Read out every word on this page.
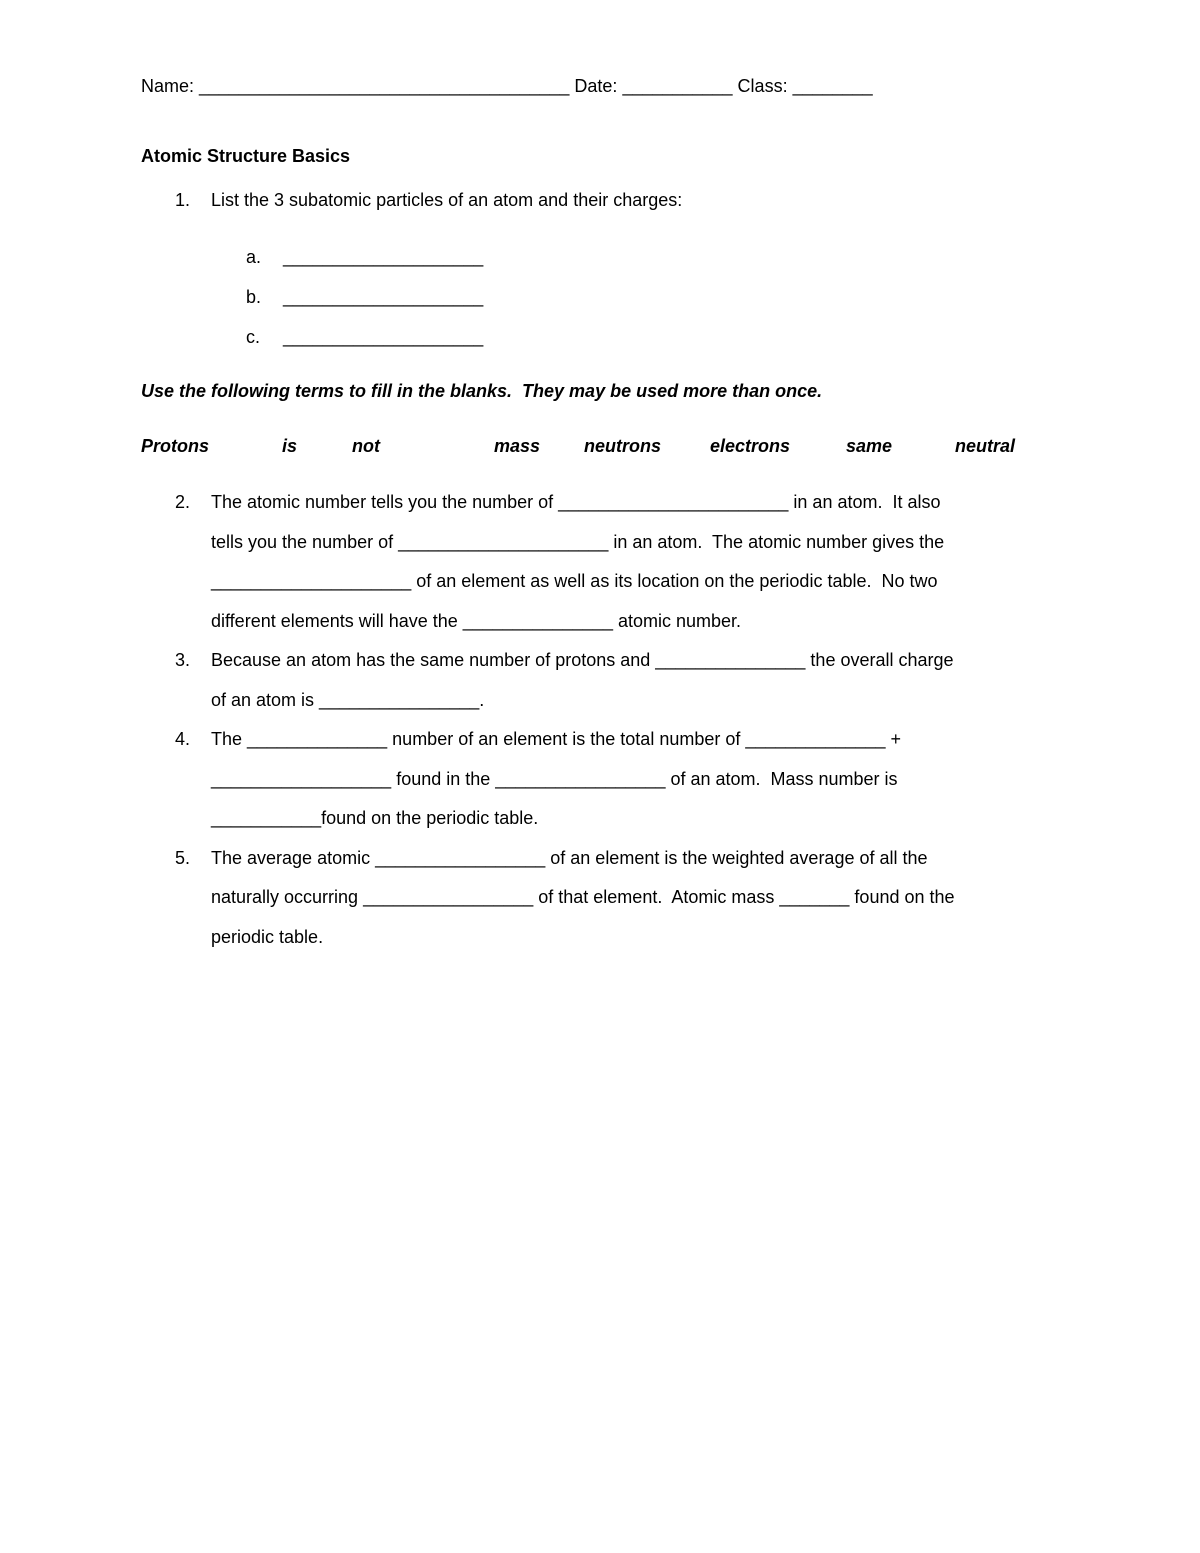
Name: _____________________________________ Date: ___________ Class: ________
Atomic Structure Basics
1. List the 3 subatomic particles of an atom and their charges:
a. ____________________
b. ____________________
c. ____________________
Use the following terms to fill in the blanks.  They may be used more than once.
Protons	is	not	mass neutrons	electrons	same	neutral
2. The atomic number tells you the number of _______________________ in an atom.  It also
tells you the number of _____________________ in an atom.  The atomic number gives the
____________________ of an element as well as its location on the periodic table.  No two
different elements will have the _______________ atomic number.
3. Because an atom has the same number of protons and _______________ the overall charge
of an atom is ________________.
4. The ______________ number of an element is the total number of ______________ +
__________________ found in the _________________ of an atom.  Mass number is
___________found on the periodic table.
5. The average atomic _________________ of an element is the weighted average of all the
naturally occurring _________________ of that element.  Atomic mass _______ found on the
periodic table.
